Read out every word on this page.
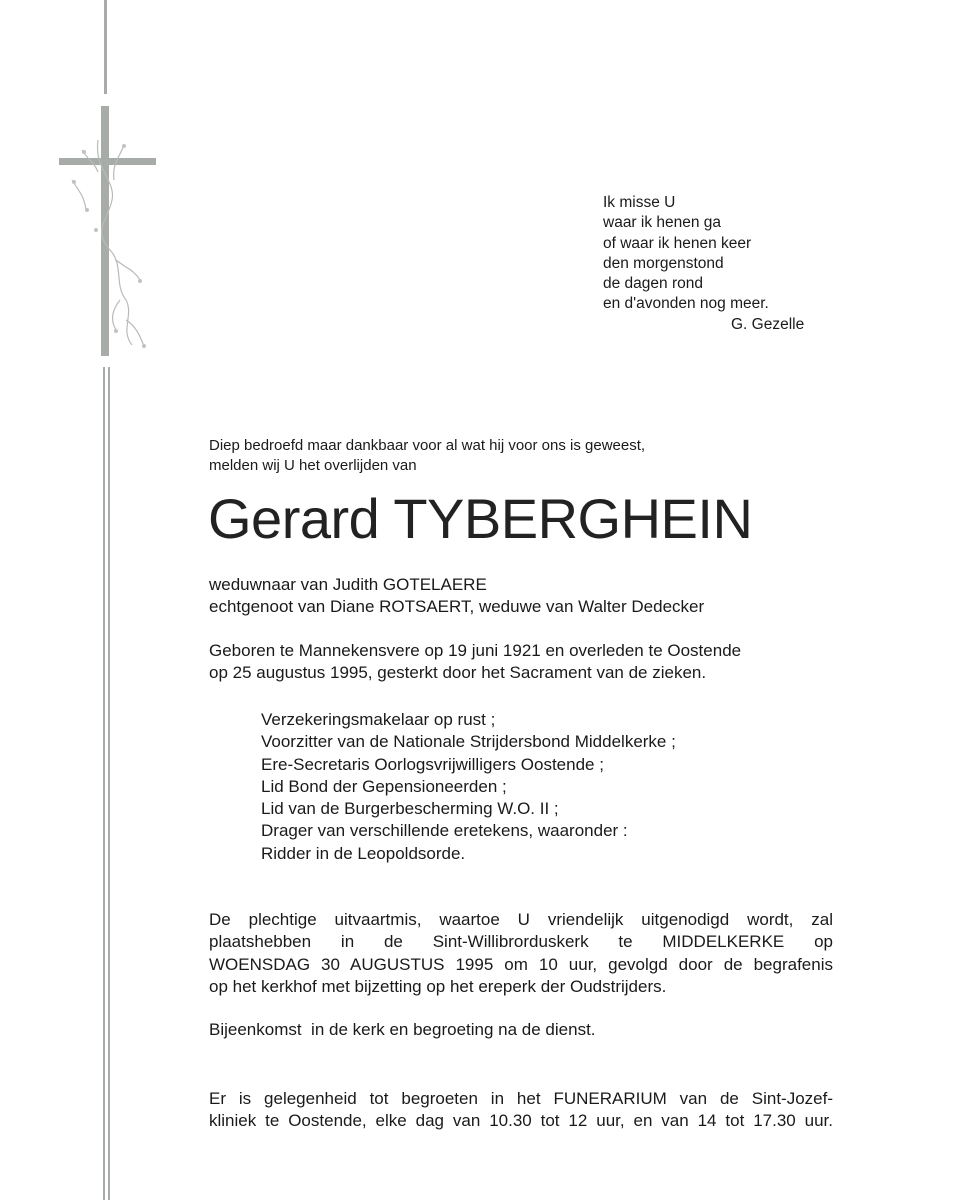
Ik misse U
waar ik henen ga
of waar ik henen keer
den morgenstond
de dagen rond
en d'avonden nog meer.
G. Gezelle
Diep bedroefd maar dankbaar voor al wat hij voor ons is geweest,
melden wij U het overlijden van
Gerard TYBERGHEIN
weduwnaar van Judith GOTELAERE
echtgenoot van Diane ROTSAERT, weduwe van Walter Dedecker
Geboren te Mannekensvere op 19 juni 1921 en overleden te Oostende
op 25 augustus 1995, gesterkt door het Sacrament van de zieken.
Verzekeringsmakelaar op rust ;
Voorzitter van de Nationale Strijdersbond Middelkerke ;
Ere-Secretaris Oorlogsvrijwilligers Oostende ;
Lid Bond der Gepensioneerden ;
Lid van de Burgerbescherming W.O. II ;
Drager van verschillende eretekens, waaronder :
Ridder in de Leopoldsorde.
De plechtige uitvaartmis, waartoe U vriendelijk uitgenodigd wordt, zal
plaatshebben in de Sint-Willibrorduskerk te MIDDELKERKE op
WOENSDAG 30 AUGUSTUS 1995 om 10 uur, gevolgd door de begrafenis
op het kerkhof met bijzetting op het ereperk der Oudstrijders.
Bijeenkomst  in de kerk en begroeting na de dienst.
Er is gelegenheid tot begroeten in het FUNERARIUM van de Sint-Jozef-
kliniek te Oostende, elke dag van 10.30 tot 12 uur, en van 14 tot 17.30 uur.
